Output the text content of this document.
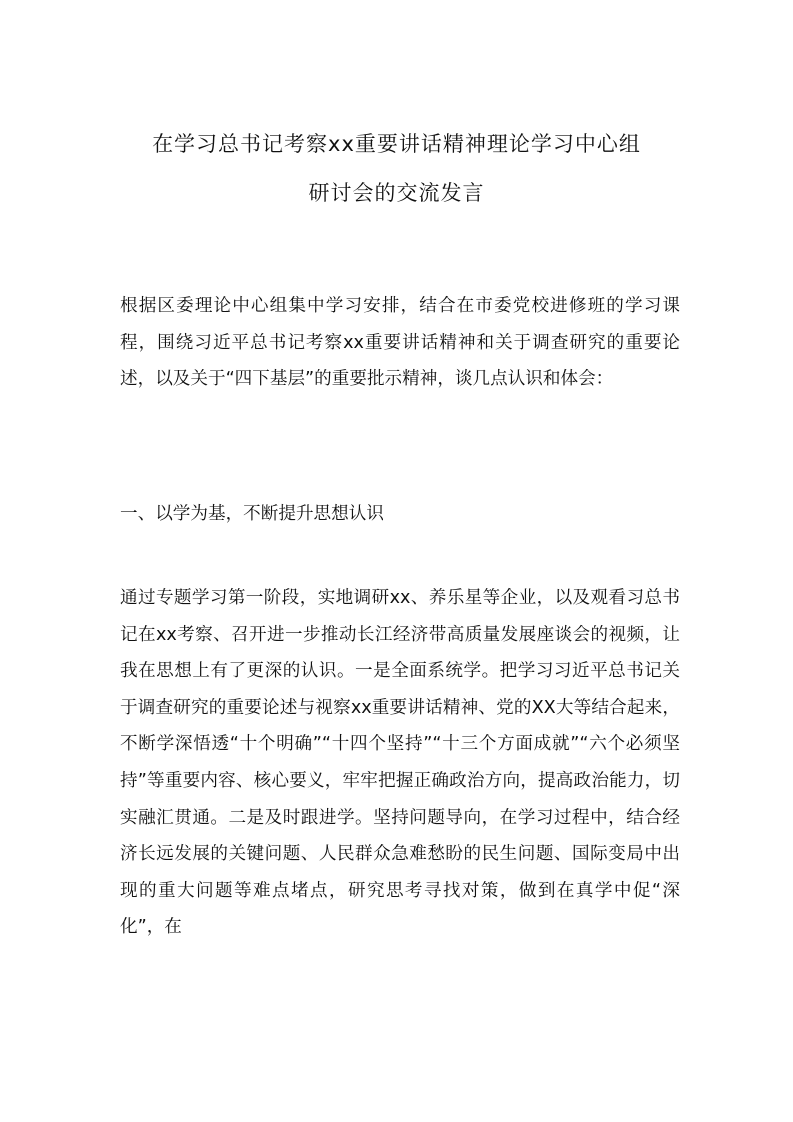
在学习总书记考察xx重要讲话精神理论学习中心组
研讨会的交流发言
根据区委理论中心组集中学习安排，结合在市委党校进修班的学习课程，围绕习近平总书记考察xx重要讲话精神和关于调查研究的重要论述，以及关于“四下基层”的重要批示精神，谈几点认识和体会：
一、以学为基，不断提升思想认识
通过专题学习第一阶段，实地调研xx、养乐星等企业，以及观看习总书记在xx考察、召开进一步推动长江经济带高质量发展座谈会的视频，让我在思想上有了更深的认识。一是全面系统学。把学习习近平总书记关于调查研究的重要论述与视察xx重要讲话精神、党的XX大等结合起来，不断学深悟透“十个明确”“十四个坚持”“十三个方面成就”“六个必须坚持”等重要内容、核心要义，牢牢把握正确政治方向，提高政治能力，切实融汇贯通。二是及时跟进学。坚持问题导向，在学习过程中，结合经济长远发展的关键问题、人民群众急难愁盼的民生问题、国际变局中出现的重大问题等难点堵点，研究思考寻找对策，做到在真学中促“深化”，在
